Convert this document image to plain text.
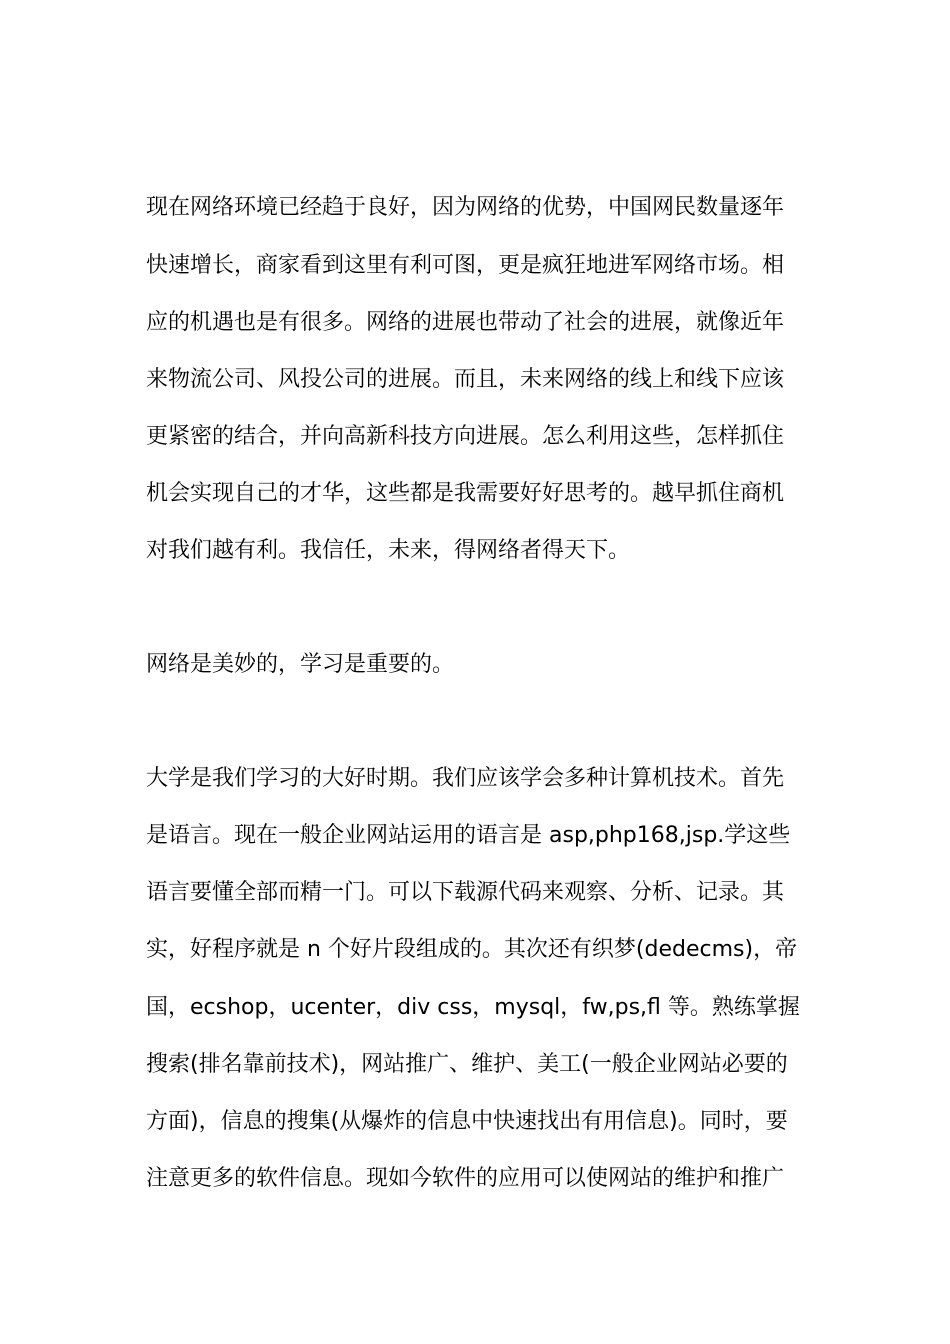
现在网络环境已经趋于良好，因为网络的优势，中国网民数量逐年
快速增长，商家看到这里有利可图，更是疯狂地进军网络市场。相
应的机遇也是有很多。网络的进展也带动了社会的进展，就像近年
来物流公司、风投公司的进展。而且，未来网络的线上和线下应该
更紧密的结合，并向高新科技方向进展。怎么利用这些，怎样抓住
机会实现自己的才华，这些都是我需要好好思考的。越早抓住商机
对我们越有利。我信任，未来，得网络者得天下。
网络是美妙的，学习是重要的。
大学是我们学习的大好时期。我们应该学会多种计算机技术。首先
是语言。现在一般企业网站运用的语言是 asp,php168,jsp.学这些
语言要懂全部而精一门。可以下载源代码来观察、分析、记录。其
实，好程序就是 n 个好片段组成的。其次还有织梦(dedecms)，帝
国，ecshop，ucenter，div css，mysql，fw,ps,fl 等。熟练掌握
搜索(排名靠前技术)，网站推广、维护、美工(一般企业网站必要的
方面)，信息的搜集(从爆炸的信息中快速找出有用信息)。同时，要
注意更多的软件信息。现如今软件的应用可以使网站的维护和推广
